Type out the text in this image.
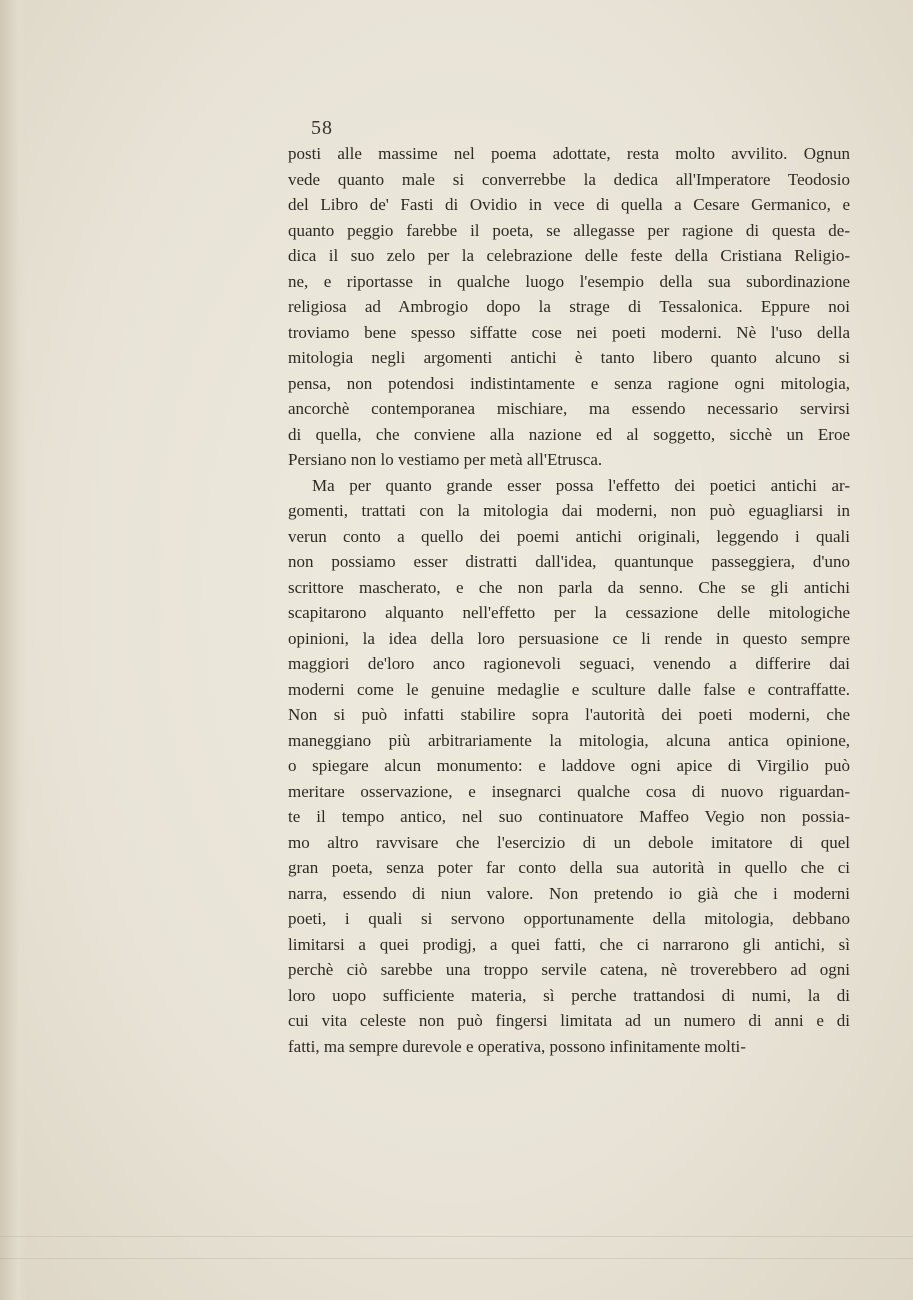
58
posti alle massime nel poema adottate, resta molto avvilito. Ognun
vede quanto male si converrebbe la dedica all'Imperatore Teodosio
del Libro de' Fasti di Ovidio in vece di quella a Cesare Germanico, e
quanto peggio farebbe il poeta, se allegasse per ragione di questa de-
dica il suo zelo per la celebrazione delle feste della Cristiana Religio-
ne, e riportasse in qualche luogo l'esempio della sua subordinazione
religiosa ad Ambrogio dopo la strage di Tessalonica. Eppure noi
troviamo bene spesso siffatte cose nei poeti moderni. Nè l'uso della
mitologia negli argomenti antichi è tanto libero quanto alcuno si
pensa, non potendosi indistintamente e senza ragione ogni mitologia,
ancorchè contemporanea mischiare, ma essendo necessario servirsi
di quella, che conviene alla nazione ed al soggetto, sicchè un Eroe
Persiano non lo vestiamo per metà all'Etrusca.
Ma per quanto grande esser possa l'effetto dei poetici antichi ar-
gomenti, trattati con la mitologia dai moderni, non può eguagliarsi in
verun conto a quello dei poemi antichi originali, leggendo i quali
non possiamo esser distratti dall'idea, quantunque passeggiera, d'uno
scrittore mascherato, e che non parla da senno. Che se gli antichi
scapitarono alquanto nell'effetto per la cessazione delle mitologiche
opinioni, la idea della loro persuasione ce li rende in questo sempre
maggiori de'loro anco ragionevoli seguaci, venendo a differire dai
moderni come le genuine medaglie e sculture dalle false e contraffatte.
Non si può infatti stabilire sopra l'autorità dei poeti moderni, che
maneggiano più arbitrariamente la mitologia, alcuna antica opinione,
o spiegare alcun monumento: e laddove ogni apice di Virgilio può
meritare osservazione, e insegnarci qualche cosa di nuovo riguardan-
te il tempo antico, nel suo continuatore Maffeo Vegio non possia-
mo altro ravvisare che l'esercizio di un debole imitatore di quel
gran poeta, senza poter far conto della sua autorità in quello che ci
narra, essendo di niun valore. Non pretendo io già che i moderni
poeti, i quali si servono opportunamente della mitologia, debbano
limitarsi a quei prodigj, a quei fatti, che ci narrarono gli antichi, sì
perchè ciò sarebbe una troppo servile catena, nè troverebbero ad ogni
loro uopo sufficiente materia, sì perche trattandosi di numi, la di
cui vita celeste non può fingersi limitata ad un numero di anni e di
fatti, ma sempre durevole e operativa, possono infinitamente molti-
